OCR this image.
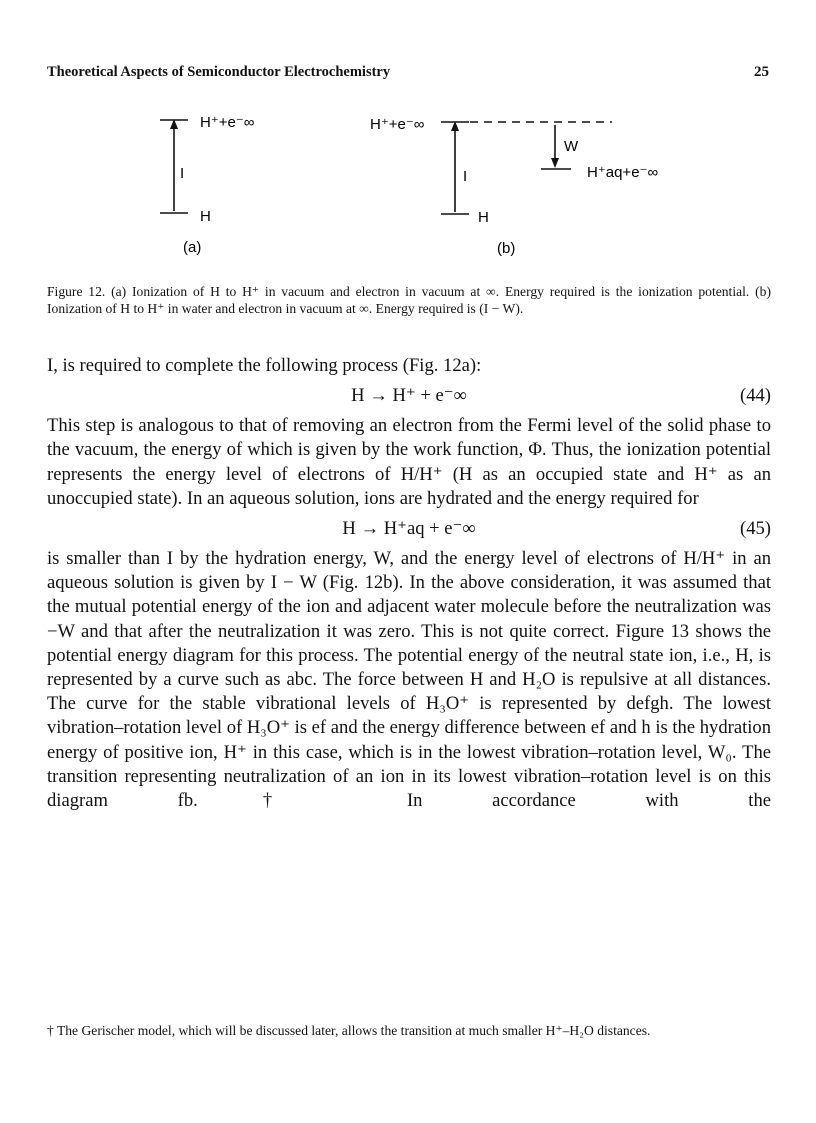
Theoretical Aspects of Semiconductor Electrochemistry	25
H⁺+e⁻∞
I
H
(a)
H⁺+e⁻∞
I
H
W
H⁺aq+e⁻∞
(b)

Figure 12. (a) Ionization of H to H⁺ in vacuum and electron in vacuum at ∞. Energy required is the ionization potential. (b) Ionization of H to H⁺ in water and electron in vacuum at ∞. Energy required is (I − W).

I, is required to complete the following process (Fig. 12a):

H → H⁺ + e⁻∞	(44)

This step is analogous to that of removing an electron from the Fermi level of the solid phase to the vacuum, the energy of which is given by the work function, Φ. Thus, the ionization potential represents the energy level of electrons of H/H⁺ (H as an occupied state and H⁺ as an unoccupied state). In an aqueous solution, ions are hydrated and the energy required for

H → H⁺aq + e⁻∞	(45)

is smaller than I by the hydration energy, W, and the energy level of electrons of H/H⁺ in an aqueous solution is given by I − W (Fig. 12b). In the above consideration, it was assumed that the mutual potential energy of the ion and adjacent water molecule before the neutralization was −W and that after the neutralization it was zero. This is not quite correct. Figure 13 shows the potential energy diagram for this process. The potential energy of the neutral state ion, i.e., H, is represented by a curve such as abc. The force between H and H₂O is repulsive at all distances. The curve for the stable vibrational levels of H₃O⁺ is represented by defgh. The lowest vibration–rotation level of H₃O⁺ is ef and the energy difference between ef and h is the hydration energy of positive ion, H⁺ in this case, which is in the lowest vibration–rotation level, W₀. The transition representing neutralization of an ion in its lowest vibration–rotation level is on this diagram fb.† In accordance with the

† The Gerischer model, which will be discussed later, allows the transition at much smaller H⁺–H₂O distances.
